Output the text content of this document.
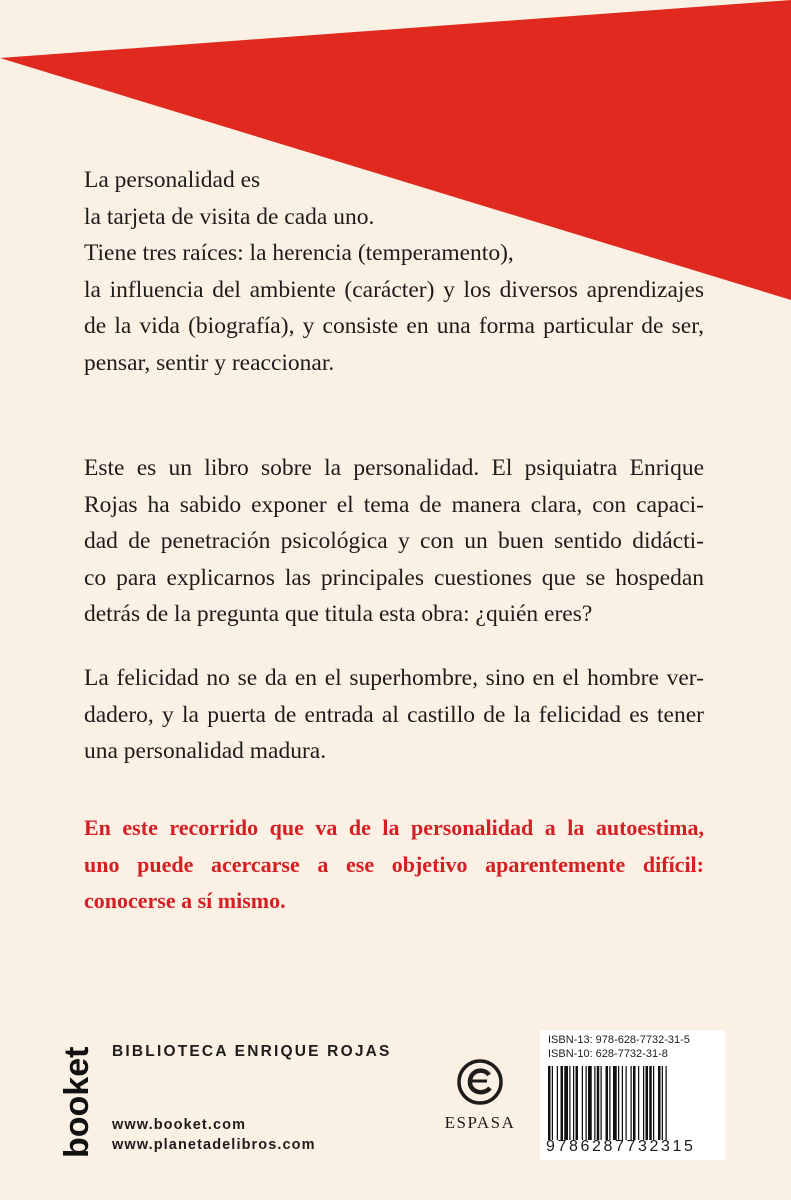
La personalidad es
la tarjeta de visita de cada uno.
Tiene tres raíces: la herencia (temperamento),
la influencia del ambiente (carácter) y los diversos aprendizajes
de la vida (biografía), y consiste en una forma particular de ser,
pensar, sentir y reaccionar.
Este es un libro sobre la personalidad. El psiquiatra Enrique
Rojas ha sabido exponer el tema de manera clara, con capaci-
dad de penetración psicológica y con un buen sentido didácti-
co para explicarnos las principales cuestiones que se hospedan
detrás de la pregunta que titula esta obra: ¿quién eres?
La felicidad no se da en el superhombre, sino en el hombre ver-
dadero, y la puerta de entrada al castillo de la felicidad es tener
una personalidad madura.
En este recorrido que va de la personalidad a la autoestima,
uno puede acercarse a ese objetivo aparentemente difícil:
conocerse a sí mismo.
booket BIBLIOTECA ENRIQUE ROJAS
www.booket.com
www.planetadelibros.com
ESPASA
ISBN-13: 978-628-7732-31-5
ISBN-10: 628-7732-31-8
9786287732315
